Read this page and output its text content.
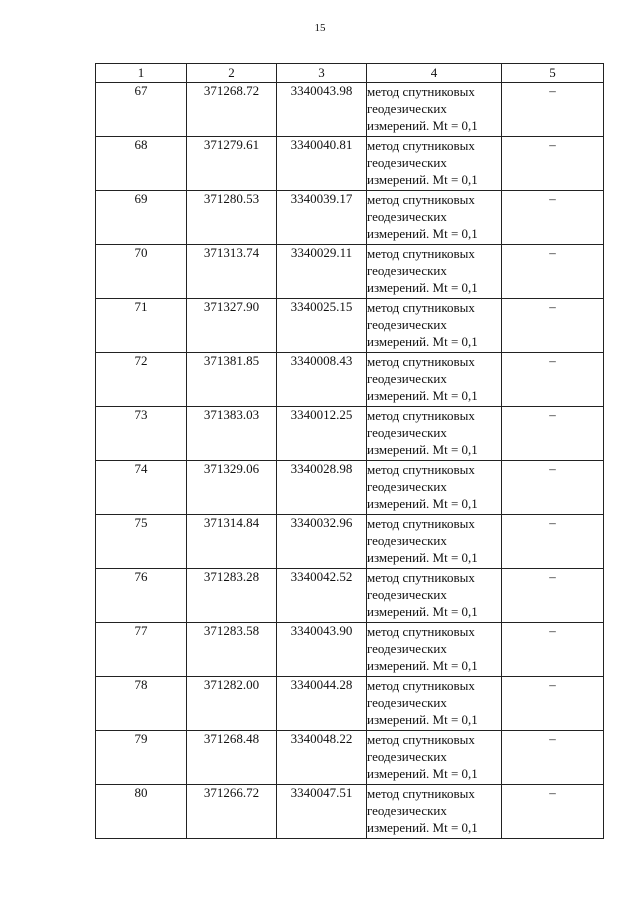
15
1	2	3	4	5
67	371268.72	3340043.98	метод спутниковых
геодезических
измерений. Mt = 0,1	–
68	371279.61	3340040.81	метод спутниковых
геодезических
измерений. Mt = 0,1	–
69	371280.53	3340039.17	метод спутниковых
геодезических
измерений. Mt = 0,1	–
70	371313.74	3340029.11	метод спутниковых
геодезических
измерений. Mt = 0,1	–
71	371327.90	3340025.15	метод спутниковых
геодезических
измерений. Mt = 0,1	–
72	371381.85	3340008.43	метод спутниковых
геодезических
измерений. Mt = 0,1	–
73	371383.03	3340012.25	метод спутниковых
геодезических
измерений. Mt = 0,1	–
74	371329.06	3340028.98	метод спутниковых
геодезических
измерений. Mt = 0,1	–
75	371314.84	3340032.96	метод спутниковых
геодезических
измерений. Mt = 0,1	–
76	371283.28	3340042.52	метод спутниковых
геодезических
измерений. Mt = 0,1	–
77	371283.58	3340043.90	метод спутниковых
геодезических
измерений. Mt = 0,1	–
78	371282.00	3340044.28	метод спутниковых
геодезических
измерений. Mt = 0,1	–
79	371268.48	3340048.22	метод спутниковых
геодезических
измерений. Mt = 0,1	–
80	371266.72	3340047.51	метод спутниковых
геодезических
измерений. Mt = 0,1	–
